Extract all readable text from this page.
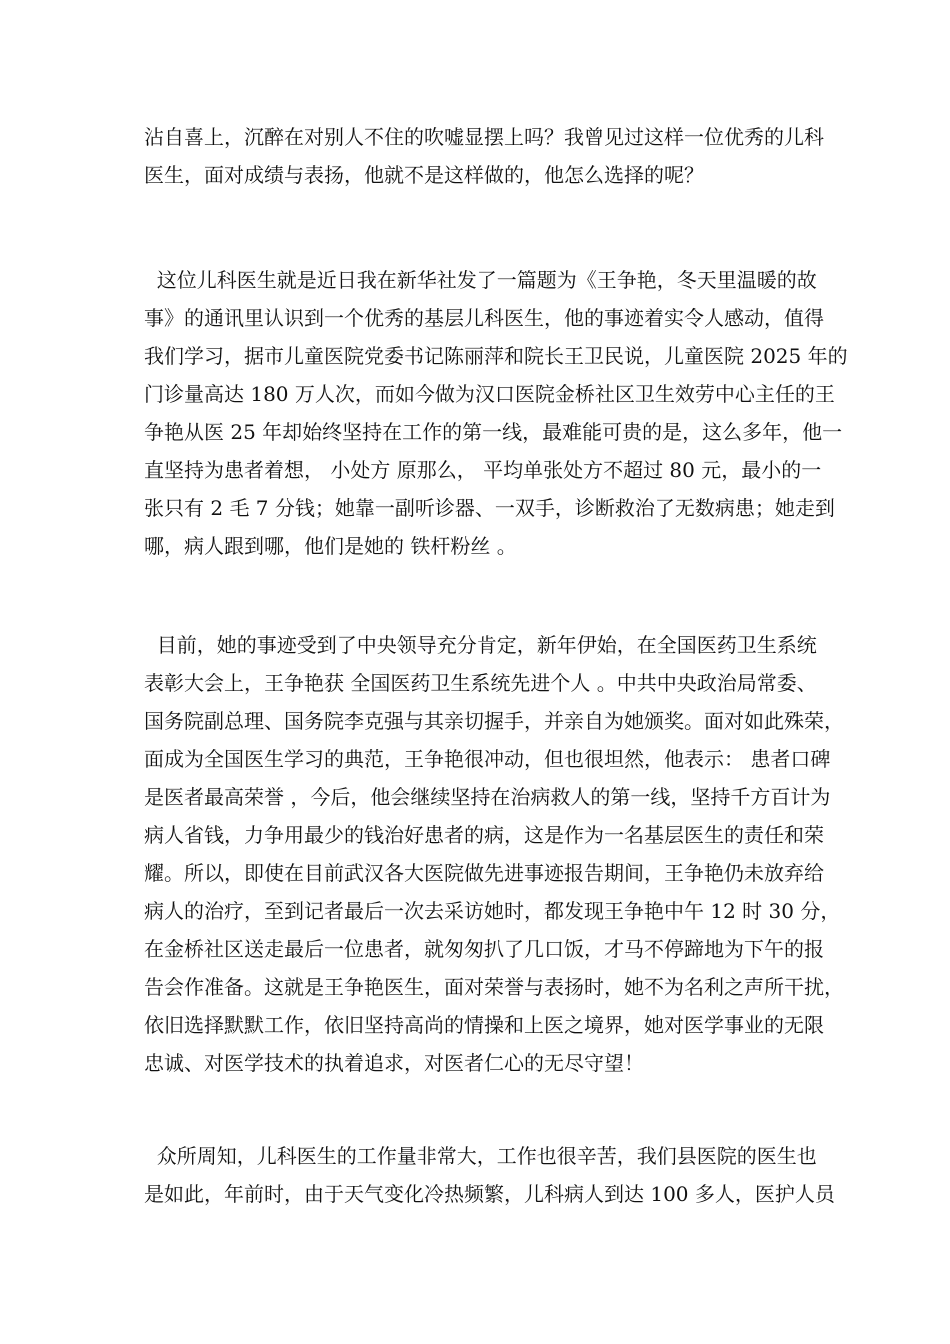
沾自喜上，沉醉在对别人不住的吹嘘显摆上吗？我曾见过这样一位优秀的儿科
医生，面对成绩与表扬，他就不是这样做的，他怎么选择的呢？
这位儿科医生就是近日我在新华社发了一篇题为《王争艳，冬天里温暖的故
事》的通讯里认识到一个优秀的基层儿科医生，他的事迹着实令人感动，值得
我们学习，据市儿童医院党委书记陈丽萍和院长王卫民说，儿童医院 2025 年的
门诊量高达 180 万人次，而如今做为汉口医院金桥社区卫生效劳中心主任的王
争艳从医 25 年却始终坚持在工作的第一线，最难能可贵的是，这么多年，他一
直坚持为患者着想， 小处方 原那么， 平均单张处方不超过 80 元，最小的一
张只有 2 毛 7 分钱；她靠一副听诊器、一双手，诊断救治了无数病患；她走到
哪，病人跟到哪，他们是她的 铁杆粉丝 。
目前，她的事迹受到了中央领导充分肯定，新年伊始，在全国医药卫生系统
表彰大会上，王争艳获 全国医药卫生系统先进个人 。中共中央政治局常委、
国务院副总理、国务院李克强与其亲切握手，并亲自为她颁奖。面对如此殊荣，
面成为全国医生学习的典范，王争艳很冲动，但也很坦然，他表示： 患者口碑
是医者最高荣誉 ，今后，他会继续坚持在治病救人的第一线，坚持千方百计为
病人省钱，力争用最少的钱治好患者的病，这是作为一名基层医生的责任和荣
耀。所以，即使在目前武汉各大医院做先进事迹报告期间，王争艳仍未放弃给
病人的治疗，至到记者最后一次去采访她时，都发现王争艳中午 12 时 30 分，
在金桥社区送走最后一位患者，就匆匆扒了几口饭，才马不停蹄地为下午的报
告会作准备。这就是王争艳医生，面对荣誉与表扬时，她不为名利之声所干扰，
依旧选择默默工作，依旧坚持高尚的情操和上医之境界，她对医学事业的无限
忠诚、对医学技术的执着追求，对医者仁心的无尽守望！
众所周知，儿科医生的工作量非常大，工作也很辛苦，我们县医院的医生也
是如此，年前时，由于天气变化冷热频繁，儿科病人到达 100 多人，医护人员
